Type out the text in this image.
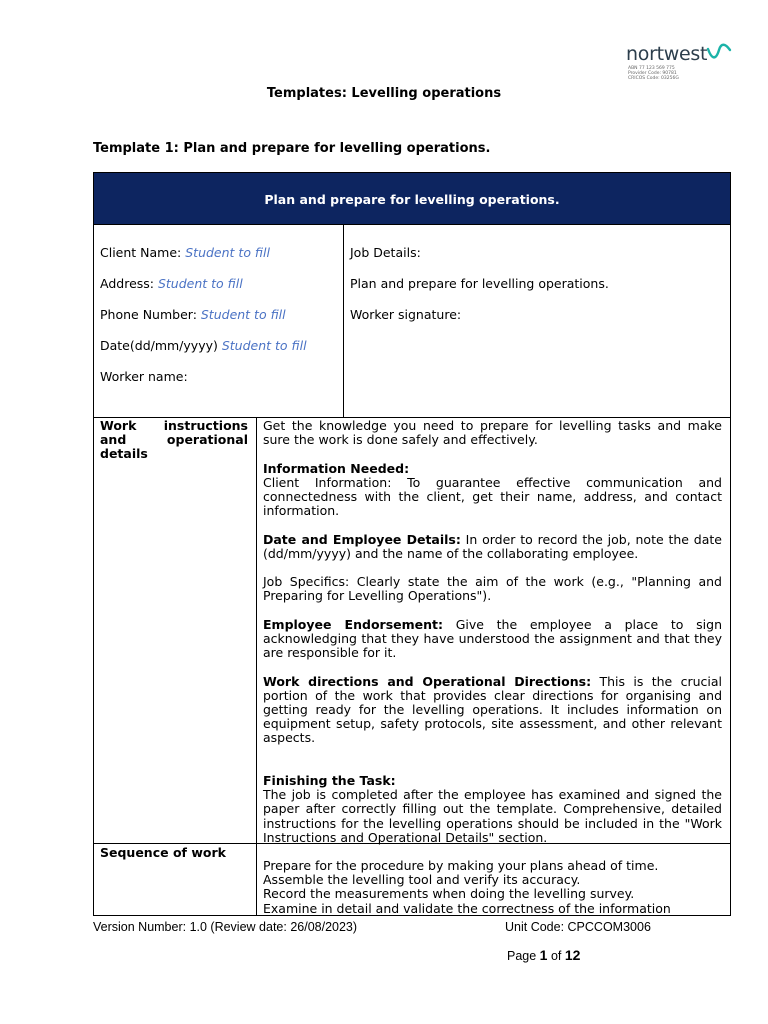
nortwest
ABN 77 123 569 775
Provider Code: 90781
CRICOS Code: 03256G
Templates: Levelling operations
Template 1: Plan and prepare for levelling operations.
Plan and prepare for levelling operations.
Client Name: Student to fill
Address: Student to fill
Phone Number: Student to fill
Date(dd/mm/yyyy) Student to fill
Worker name:
Job Details:
Plan and prepare for levelling operations.
Worker signature:
Work instructions
and	operational
details

Get the knowledge you need to prepare for levelling tasks and make sure the work is done safely and effectively.

Information Needed:
Client Information: To guarantee effective communication and connectedness with the client, get their name, address, and contact information.

Date and Employee Details: In order to record the job, note the date (dd/mm/yyyy) and the name of the collaborating employee.

Job Specifics: Clearly state the aim of the work (e.g., "Planning and Preparing for Levelling Operations").

Employee Endorsement: Give the employee a place to sign acknowledging that they have understood the assignment and that they are responsible for it.

Work directions and Operational Directions: This is the crucial portion of the work that provides clear directions for organising and getting ready for the levelling operations. It includes information on equipment setup, safety protocols, site assessment, and other relevant aspects.

Finishing the Task:
The job is completed after the employee has examined and signed the paper after correctly filling out the template. Comprehensive, detailed instructions for the levelling operations should be included in the "Work Instructions and Operational Details" section.

Sequence of work
Prepare for the procedure by making your plans ahead of time.
Assemble the levelling tool and verify its accuracy.
Record the measurements when doing the levelling survey.
Examine in detail and validate the correctness of the information
Version Number: 1.0 (Review date: 26/08/2023)	Unit Code: CPCCOM3006
Page 1 of 12
